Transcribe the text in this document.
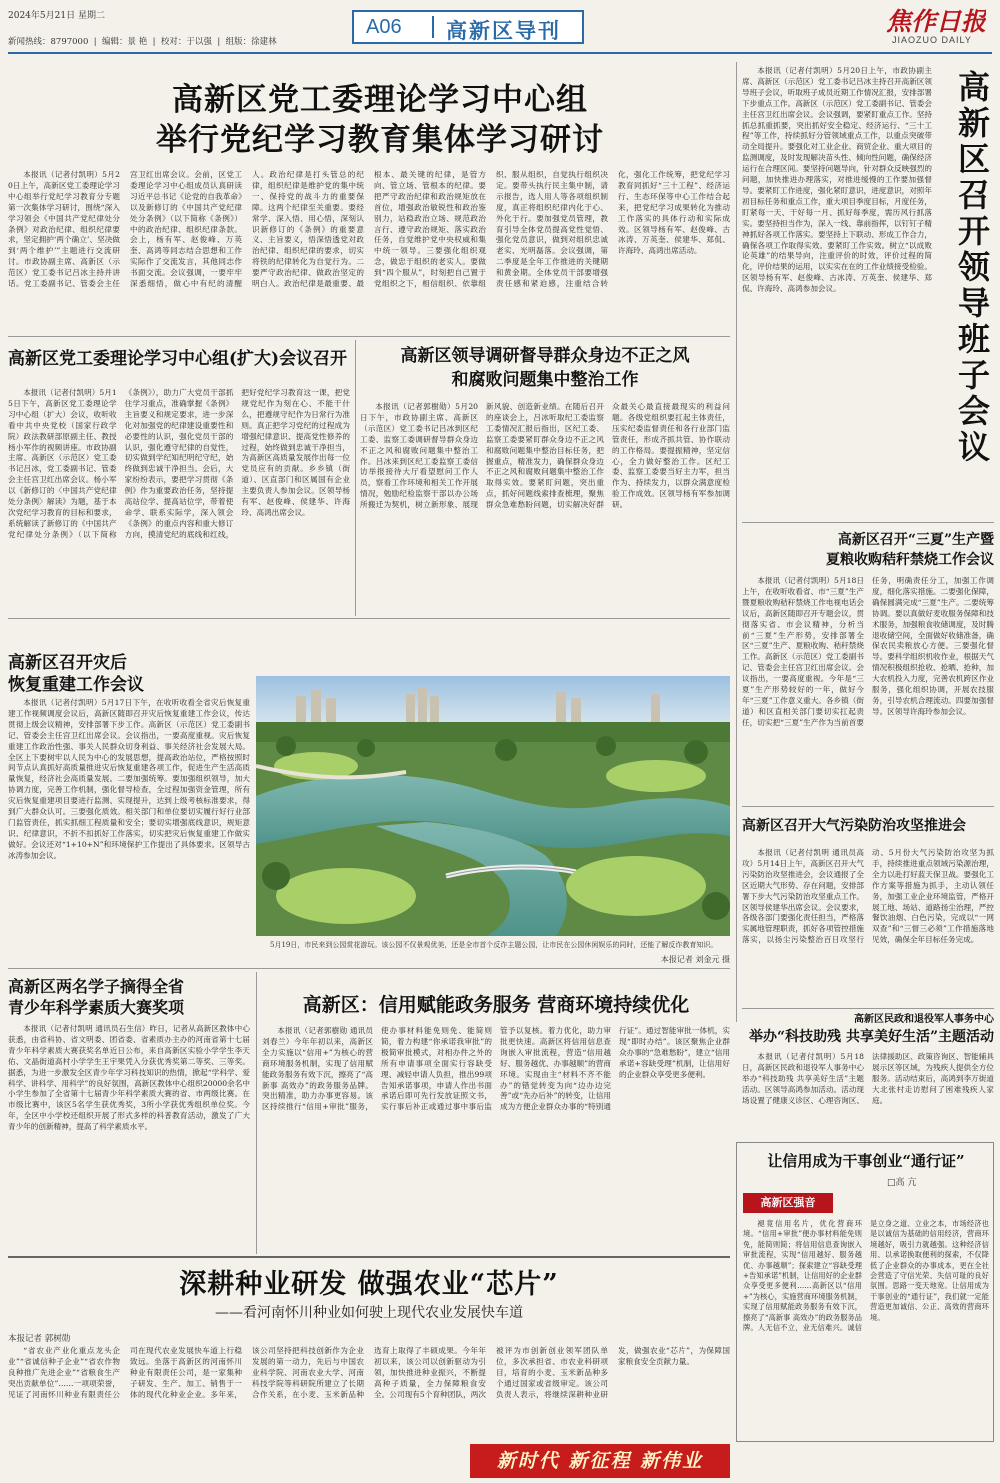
2024年5月21日 星期二
新闻热线：8797000  |  编辑：景 艳  |  校对：于以强  |  组版：徐建林
A06 高新区导刊	焦作日报
JIAOZUO DAILY
高新区党工委理论学习中心组
举行党纪学习教育集体学习研讨
本报讯（记者付凯明）5月20日上午，高新区党工委理论学习中心组举行党纪学习教育分专题第一次集体学习研讨，围绕“深入学习领会《中国共产党纪律处分条例》对政治纪律、组织纪律要求，坚定拥护‘两个确立’、坚决做到‘两个维护’”主题进行交流研讨。市政协副主席、高新区（示范区）党工委书记吕冰主持并讲话。党工委副书记、管委会主任宫卫红出席会议。会前，区党工委理论学习中心组成员认真研读习近平总书记《论党的自我革命》以及新修订的《中国共产党纪律处分条例》（以下简称《条例》）中的政治纪律、组织纪律条款。会上，杨有军、赵俊峰、万英奎、高鸿等同志结合思想和工作实际作了交流发言，其他同志作书面交流。会议强调，一要牢牢深悉细悟，做心中有纪的清醒人。政治纪律是打头管总的纪律，组织纪律是维护党的集中统一、保持党的战斗力的重要保障。这两个纪律至关重要。要经常学、深入悟、用心悟，深刻认识新修订的《条例》的重要意义、主旨要义，悟深悟透党对政治纪律、组织纪律的要求，切实将铁的纪律转化为自觉行为。二要严守政治纪律、做政治坚定的明白人。政治纪律是最重要、最根本、最关键的纪律，是管方向、管立场、管根本的纪律。要把严守政治纪律和政治规矩放在首位，增强政治敏锐性和政治鉴别力，站稳政治立场、规范政治言行、遵守政治规矩、落实政治任务，自觉维护党中央权威和集中统一领导。三要强化组织观念，做忠于组织的老实人。要做到“四个服从”，时刻把自己置于党组织之下，相信组织、依靠组织、服从组织，自觉执行组织决定。要带头执行民主集中制，请示报告，选人用人等各项组织制度，真正将组织纪律内化于心、外化于行。要加强党员管理，教育引导全体党员提高党性觉悟、强化党员意识，做到对组织忠诚老实、光明磊落。会议强调，第二季度是全年工作推进的关键期和黄金期。全体党员干部要增强责任感和紧迫感，注重结合转化，强化工作统筹，把党纪学习教育同抓好“三十工程”、经济运行、生态环保等中心工作结合起来，把党纪学习成果转化为推动工作落实的具体行动和实际成效。区领导杨有军、赵俊峰、古冰涛、万英奎、侯建华、郑侃、许海玲、高鸿出席活动。
高新区党工委理论学习中心组(扩大)会议召开
本报讯（记者付凯明）5月15日下午，高新区党工委理论学习中心组（扩大）会议，收听收看中共中央党校（国家行政学院）政法教研部原副主任、教授杨小军作的视频讲座。市政协副主席、高新区（示范区）党工委书记吕冰，党工委副书记、管委会主任宫卫红出席会议。杨小军以《新修订的〈中国共产党纪律处分条例〉解读》为题，基于本次党纪学习教育的目标和要求，系统解读了新修订的《中国共产党纪律处分条例》（以下简称《条例》），助力广大党员干部抓住学习重点，准确掌握《条例》主旨要义和规定要求，进一步深化对加强党的纪律建设重要性和必要性的认识，强化党员干部的认识，强化遵守纪律的自觉性，切实做到学纪知纪明纪守纪，始终做到忠诚干净担当。会后，大家纷纷表示，要把学习贯彻《条例》作为重要政治任务，坚持提高站位学、提高站位学，带着使命学、联系实际学，深入领会《条例》的重点内容和重大修订方向，摸清党纪的底线和红线，把好党纪学习教育这一课，把党规党纪作为刻在心、不能干什么，把遵规守纪作为日常行为准则。真正把学习党纪的过程成为增强纪律意识、提高党性修养的过程，始终做到忠诚干净担当，为高新区高质量发展作出每一位党员应有的贡献。乡乡镇（街道）、区直部门和区属国有企业主要负责人参加会议。区领导杨有军、赵俊峰、侯建华、许海玲、高鸿出席会议。
高新区领导调研督导群众身边不正之风
和腐败问题集中整治工作
本报讯（记者郭樹勋）5月20日下午，市政协副主席、高新区（示范区）党工委书记吕冰到区纪工委、监察工委调研督导群众身边不正之风和腐败问题集中整治工作。吕冰来到区纪工委监察工委信访举报接待大厅看望慰问工作人员，察看工作环境和相关工作开展情况，勉励纪检监察干部以办公场所搬迁为契机，树立新形象、展现新风貌、创造新业绩。在随后召开的座谈会上，吕冰听取纪工委监察工委情况汇报后指出，区纪工委、监察工委要紧盯群众身边不正之风和腐败问题集中整治目标任务，把握重点，精准发力，确保群众身边不正之风和腐败问题集中整治工作取得实效。要紧盯问题，突出重点，抓好问题线索排查梳理，聚焦群众急难愁盼问题，切实解决好群众最关心最直接最现实的利益问题。各级党组织要扛起主体责任，压实纪委监督责任和各行业部门监管责任，形成齐抓共管、协作联动的工作格局。要提振精神，坚定信心，全力做好整治工作。区纪工委、监察工委要当好主力军，担当作为、持续发力，以群众满意度检验工作成效。区领导杨有军参加调研。
高新区召开领导班子会议
本报讯（记者付凯明）5月20日上午，市政协副主席、高新区（示范区）党工委书记吕冰主持召开高新区领导班子会议，听取班子成员近期工作情况汇报，安排部署下步重点工作。高新区（示范区）党工委副书记、管委会主任宫卫红出席会议。会议强调，要紧盯重点工作。坚持抓总抓重抓要，突出抓好安全稳定、经济运行、“三十工程”等工作，持续抓好分管领域重点工作，以重点突破带动全局提升。要强化对工业企业、商贸企业、重大项目的监测调度，及时发现解决苗头性、倾向性问题，确保经济运行在合理区间。要坚持问题导向，针对群众反映强烈的问题，加快推进办理落实，对推进缓慢的工作要加强督导。要紧盯工作进度，强化紧盯意识，进度意识，对照年初目标任务和重点工作，重大项目季度目标，月度任务，盯紧每一天、干好每一月、抓好每季度，需历风行抓落实。要坚持担当作为，深入一线、靠前指挥，以钉钉子精神抓好各项工作落实。要坚持上下联动、形成工作合力，确保各项工作取得实效。要紧盯工作实效。树立“以成败论英雄”的结果导向，注重评价的时效，评价过程的简化，评价结果的运用，以实实在在的工作业绩接受检验。区领导杨有军、赵俊峰、古冰涛、万英奎、侯建华、郑侃、许海玲、高鸿参加会议。
高新区召开“三夏”生产暨
夏粮收购秸秆禁烧工作会议
本报讯（记者付凯明）5月18日上午，在收听收看省、市“三夏”生产暨夏粮收购秸秆禁烧工作电视电话会议后，高新区随即召开专题会议，贯彻落实省、市会议精神，分析当前“三夏”生产形势，安排部署全区“三夏”生产、夏粮收购、秸秆禁烧工作。高新区（示范区）党工委副书记、管委会主任宫卫红出席会议。会议指出，一要高度重视。今年是“三夏”生产形势较好的一年，做好今年“三夏”工作意义重大。各乡镇（街道）和区直相关部门要切实扛起责任，切实把“三夏”生产作为当前首要任务，明确责任分工，加强工作调度，细化落实措施。二要强化保障，确保圆满完成“三夏”生产。二要统筹协调。要以真做好麦收服务保障和技术服务，加强粮食收储调度，及时腾退收储空间，全面做好收储准备，确保农民卖粮放心方便。三要强化督导。要科学组织机收作业，根据天气情况积极组织抢收、抢晒、抢种，加大农机投入力度，完善农机跨区作业服务，强化组织协调，开展农技服务，引导农机合理流动。四要加强督导。区领导许海玲参加会议。
高新区召开大气污染防治攻坚推进会
本报讯（记者付凯明 通讯员高攻）5月14日上午，高新区召开大气污染防治攻坚推进会，会议通报了全区近期大气形势、存在问题，安排部署下步大气污染防治攻坚重点工作。区领导侯建华出席会议。会议要求，各级各部门要强化责任担当，严格落实属地管理职责，抓好各项管控措施落实，以扬尘污染整治百日攻坚行动、5月份大气污染防治攻坚为抓手，持续推进重点领域污染源治理，全力以赴打好蓝天保卫战。要强化工作方案等措施为抓手，主动认领任务，加强工业企业环境监管，严格开展工地、场站、道路扬尘治理，严控餐饮油烟、白色污染，完成以“一网双查”和“三督三必须”工作措施落地见效，确保全年目标任务完成。
高新区召开灾后
恢复重建工作会议
本报讯（记者付凯明）5月17日下午，在收听收看全省灾后恢复重建工作视频调度会议后，高新区随即召开灾后恢复重建工作会议，传达贯彻上级会议精神，安排部署下步工作。高新区（示范区）党工委副书记、管委会主任宫卫红出席会议。会议指出，一要高度重视。灾后恢复重建工作政治性强、事关人民群众切身利益、事关经济社会发展大局。全区上下要树牢以人民为中心的发展思想，提高政治站位，严格按照时间节点认真抓好高质量推进灾后恢复重建各项工作，促进生产生活高质量恢复，经济社会高质量发展。二要加强统筹。要加强组织领导，加大协调力度，完善工作机制，强化督导检查，全过程加强资金管理，所有灾后恢复重建项目要进行监测、实现提升，达到上级考核标准要求，得到广大群众认可。三要强化质效。相关部门和单位要切实履行好行业部门监管责任，抓实抓细工程质量和安全；要切实增强底线意识，规矩意识、纪律意识，不折不扣抓好工作落实，切实把灾后恢复重建工作做实做好。会议还对“1+10+N”和环境保护工作提出了具体要求。区领导古冰涛参加会议。
5月19日，市民来到公园赏花游玩。该公园不仅景观优美，还是全市首个反诈主题公园，让市民在公园休闲娱乐的同时，还能了解反诈教育知识。
本报记者 刘金元 摄
高新区两名学子摘得全省
青少年科学素质大赛奖项
本报讯（记者付凯明 通讯员石生信）昨日，记者从高新区教体中心获悉，由省科协、省文明委、团省委、省素质办主办的河南省第十七届青少年科学素质大赛获奖名单近日公布，来自高新区实验小学学生李天佑、文晶街道高村小学学生王宇果凭入分获优秀奖第二等奖、三等奖。据悉，为进一步激发全区青少年学习科技知识的热情，掀起“学科学、爱科学、讲科学、用科学”的良好氛围，高新区教体中心组织20000余名中小学生参加了全省第十七届青少年科学素质大赛的省、市两级比赛。在市级比赛中，该区5名学生获优秀奖，3所小学获优秀组织单位奖。今年，全区中小学校还组织开展了形式多样的科普教育活动，激发了广大青少年的创新精神，提高了科学素质水平。
高新区：信用赋能政务服务 营商环境持续优化
本报讯（记者郭樹勋 通讯员刘春兰）今年年初以来，高新区全力实施以“信用+”为核心的营商环境服务机制，实现了信用赋能政务服务有效下沉，擦亮了“高新事 高效办”的政务服务品牌。突出精准，助力办事更容易。该区持续推行“信用+审批”服务，使办事材料能免则免、能简则简，着力构建“你承诺我审批”的极简审批模式，对相办件之外的所有申请事项全面实行容缺受理、减轻申请人负担，推出99项告知承诺事项，申请人作出书面承诺后即可先行发放证照文书，实行事后补正或通过事中事后监管予以复核。着力优化，助力审批更快速。高新区将信用信息查询嵌入审批流程，营造“信用越好、服务越优、办事越顺”的营商环境。实现由主“材料不齐不能办”的错觉转变为向“边办边完善”或“先办后补”的转变，让信用成为方便企业群众办事的“特别通行证”。通过智能审批一体机，实现“即时办结”。该区聚焦企业群众办事的“急难愁盼”，建立“信用承诺+容缺受理”机制，让信用好的企业群众享受更多便利。
高新区民政和退役军人事务中心
举办“科技助残 共享美好生活”主题活动
本报讯（记者付凯明）5月18日，高新区民政和退役军人事务中心举办“科技助残 共享美好生活”主题活动。区领导高鸿参加活动。活动现场设置了健康义诊区、心理咨询区、法律援助区、政策咨询区、智能辅具展示区等区域，为残疾人提供全方位服务。活动结束后，高鸿到李万街道大北张村走访慰问了困难残疾人家庭。
让信用成为干事创业“通行证”
□高 亢
高新区强音
褪竟信用名片，优化营商环境。“信用+审批”便办事材料能免则免，能简则简；将信用信息查询嵌入审批流程，实现“信用越好、服务越优、办事越顺”；探索建立“容缺受理+告知承诺”机制，让信用好的企业群众享受更多便利……高新区以“信用+”为核心，实施营商环境服务机制，实现了信用赋能政务服务有效下沉，擦亮了“高新事 高效办”的政务服务品牌。人无信不立，业无信难兴。诚信是立身之道、立业之本，市场经济也是以诚信为基础的信用经济，营商环境越好，吸引力就越强。这种经济信用、以承诺换取便利的探索，不仅降低了企业群众的办事成本，更在全社会营造了守信光荣、失信可耻的良好氛围。思路一变天地宽。让信用成为干事创业的“通行证”，我们就一定能营造更加诚信、公正、高效的营商环境。
深耕种业研发 做强农业“芯片”
——看河南怀川种业如何驶上现代农业发展快车道
本报记者 郭树勋
“省农业产业化重点龙头企业”“省诚信种子企业”“省农作物良种推广先进企业”“省粮食生产突出贡献单位”……一项项荣誉，见证了河南怀川种业有限责任公司在现代农业发展快车道上行稳致远。坐落于高新区的河南怀川种业有限责任公司，是一家集种子研发、生产、加工、销售于一体的现代化种业企业。多年来，该公司坚持把科技创新作为企业发展的第一动力，先后与中国农业科学院、河南农业大学、河南科技学院等科研院所建立了长期合作关系，在小麦、玉米新品种选育上取得了丰硕成果。今年年初以来，该公司以创新驱动为引领，加快推进种业振兴，不断提高种子质量，全力保障粮食安全。公司现有5个育种团队，两次被评为市创新创业领军团队单位，多次承担省、市农业科研项目，培育的小麦、玉米新品种多个通过国家或省级审定。该公司负责人表示，将继续深耕种业研发，做强农业“芯片”，为保障国家粮食安全贡献力量。
新时代 新征程 新伟业
